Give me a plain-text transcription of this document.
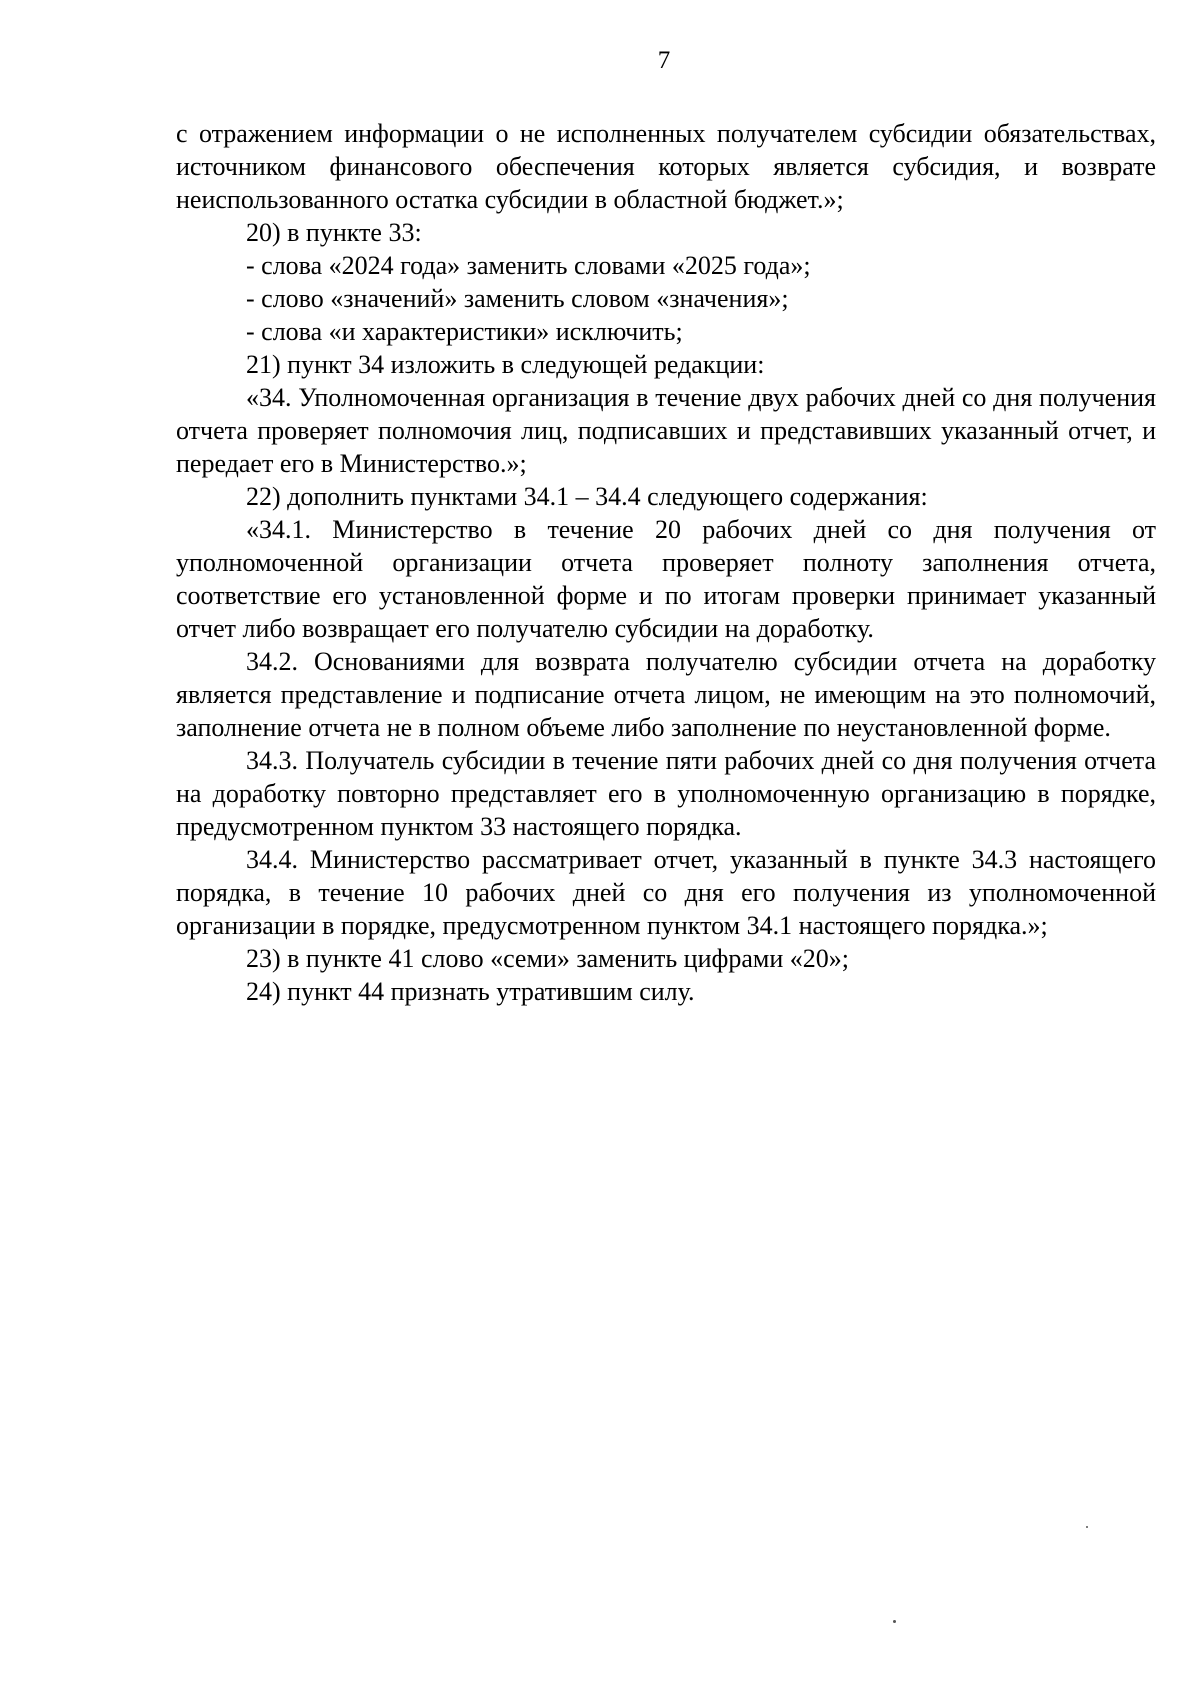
7

с отражением информации о не исполненных получателем субсидии обязательствах, источником финансового обеспечения которых является субсидия, и возврате неиспользованного остатка субсидии в областной бюджет.»;

20) в пункте 33:

- слова «2024 года» заменить словами «2025 года»;

- слово «значений» заменить словом «значения»;

- слова «и характеристики» исключить;

21) пункт 34 изложить в следующей редакции:

«34. Уполномоченная организация в течение двух рабочих дней со дня получения отчета проверяет полномочия лиц, подписавших и представивших указанный отчет, и передает его в Министерство.»;

22) дополнить пунктами 34.1 – 34.4 следующего содержания:

«34.1. Министерство в течение 20 рабочих дней со дня получения от уполномоченной организации отчета проверяет полноту заполнения отчета, соответствие его установленной форме и по итогам проверки принимает указанный отчет либо возвращает его получателю субсидии на доработку.

34.2. Основаниями для возврата получателю субсидии отчета на доработку является представление и подписание отчета лицом, не имеющим на это полномочий, заполнение отчета не в полном объеме либо заполнение по неустановленной форме.

34.3. Получатель субсидии в течение пяти рабочих дней со дня получения отчета на доработку повторно представляет его в уполномоченную организацию в порядке, предусмотренном пунктом 33 настоящего порядка.

34.4. Министерство рассматривает отчет, указанный в пункте 34.3 настоящего порядка, в течение 10 рабочих дней со дня его получения из уполномоченной организации в порядке, предусмотренном пунктом 34.1 настоящего порядка.»;

23) в пункте 41 слово «семи» заменить цифрами «20»;

24) пункт 44 признать утратившим силу.
